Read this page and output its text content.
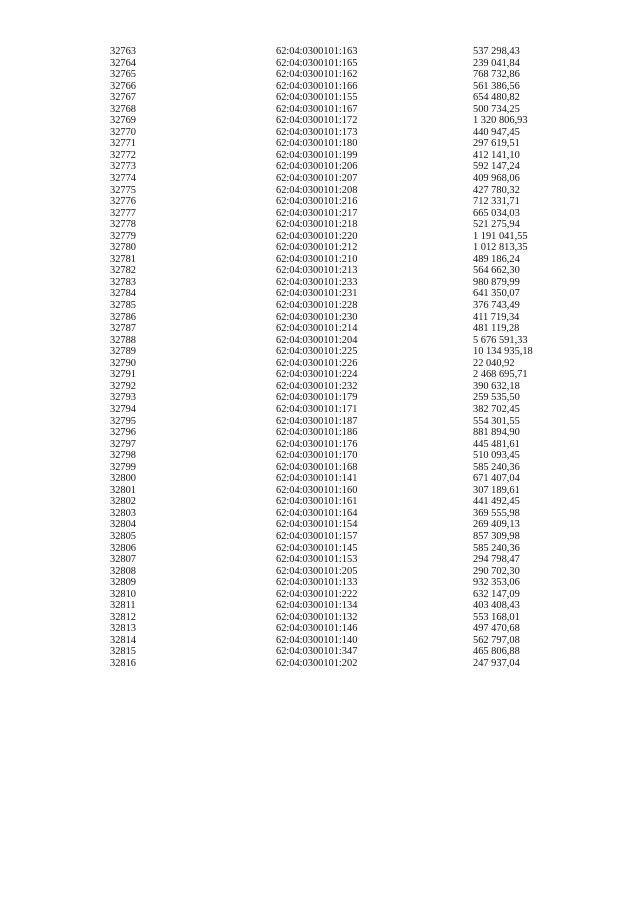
32763	62:04:0300101:163	537 298,43
32764	62:04:0300101:165	239 041,84
32765	62:04:0300101:162	768 732,86
32766	62:04:0300101:166	561 386,56
32767	62:04:0300101:155	654 480,82
32768	62:04:0300101:167	500 734,25
32769	62:04:0300101:172	1 320 806,93
32770	62:04:0300101:173	440 947,45
32771	62:04:0300101:180	297 619,51
32772	62:04:0300101:199	412 141,10
32773	62:04:0300101:206	592 147,24
32774	62:04:0300101:207	409 968,06
32775	62:04:0300101:208	427 780,32
32776	62:04:0300101:216	712 331,71
32777	62:04:0300101:217	665 034,03
32778	62:04:0300101:218	521 275,94
32779	62:04:0300101:220	1 191 041,55
32780	62:04:0300101:212	1 012 813,35
32781	62:04:0300101:210	489 186,24
32782	62:04:0300101:213	564 662,30
32783	62:04:0300101:233	980 879,99
32784	62:04:0300101:231	641 350,07
32785	62:04:0300101:228	376 743,49
32786	62:04:0300101:230	411 719,34
32787	62:04:0300101:214	481 119,28
32788	62:04:0300101:204	5 676 591,33
32789	62:04:0300101:225	10 134 935,18
32790	62:04:0300101:226	22 040,92
32791	62:04:0300101:224	2 468 695,71
32792	62:04:0300101:232	390 632,18
32793	62:04:0300101:179	259 535,50
32794	62:04:0300101:171	382 702,45
32795	62:04:0300101:187	554 301,55
32796	62:04:0300101:186	881 894,90
32797	62:04:0300101:176	445 481,61
32798	62:04:0300101:170	510 093,45
32799	62:04:0300101:168	585 240,36
32800	62:04:0300101:141	671 407,04
32801	62:04:0300101:160	307 189,61
32802	62:04:0300101:161	441 492,45
32803	62:04:0300101:164	369 555,98
32804	62:04:0300101:154	269 409,13
32805	62:04:0300101:157	857 309,98
32806	62:04:0300101:145	585 240,36
32807	62:04:0300101:153	294 798,47
32808	62:04:0300101:205	290 702,30
32809	62:04:0300101:133	932 353,06
32810	62:04:0300101:222	632 147,09
32811	62:04:0300101:134	403 408,43
32812	62:04:0300101:132	553 168,01
32813	62:04:0300101:146	497 470,68
32814	62:04:0300101:140	562 797,08
32815	62:04:0300101:347	465 806,88
32816	62:04:0300101:202	247 937,04
